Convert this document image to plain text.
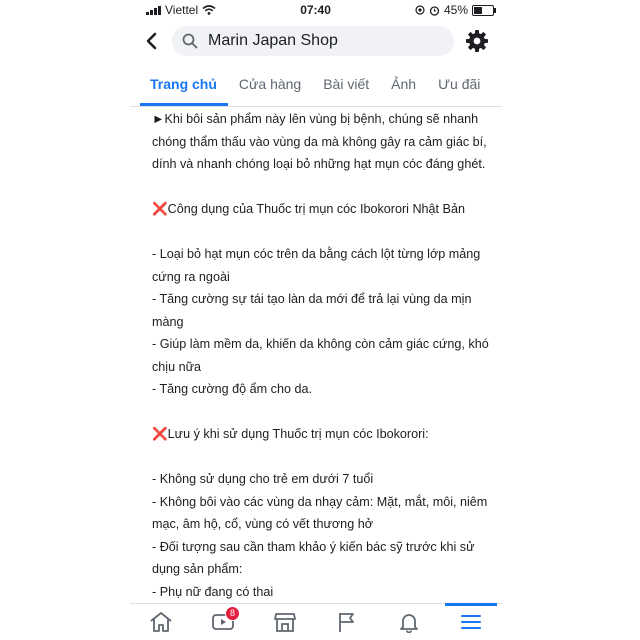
Viettel	07:40	45%
Marin Japan Shop
Trang chủ	Cửa hàng	Bài viết	Ảnh	Ưu đãi
►Khi bôi sản phẩm này lên vùng bị bệnh, chúng sẽ nhanh
chóng thẩm thấu vào vùng da mà không gây ra cảm giác bí,
dính và nhanh chóng loại bỏ những hạt mụn cóc đáng ghét.
❌Công dụng của Thuốc trị mụn cóc Ibokorori Nhật Bản
- Loại bỏ hạt mụn cóc trên da bằng cách lột từng lớp mảng
cứng ra ngoài
- Tăng cường sự tái tạo làn da mới để trả lại vùng da mịn
màng
- Giúp làm mềm da, khiến da không còn cảm giác cứng, khó
chịu nữa
- Tăng cường độ ẩm cho da.
❌Lưu ý khi sử dụng Thuốc trị mụn cóc Ibokorori:
- Không sử dụng cho trẻ em dưới 7 tuổi
- Không bôi vào các vùng da nhạy cảm: Mặt, mắt, môi, niêm
mạc, âm hộ, cổ, vùng có vết thương hở
- Đối tượng sau cần tham khảo ý kiến bác sỹ trước khi sử
dụng sản phẩm:
- Phụ nữ đang có thai
8
